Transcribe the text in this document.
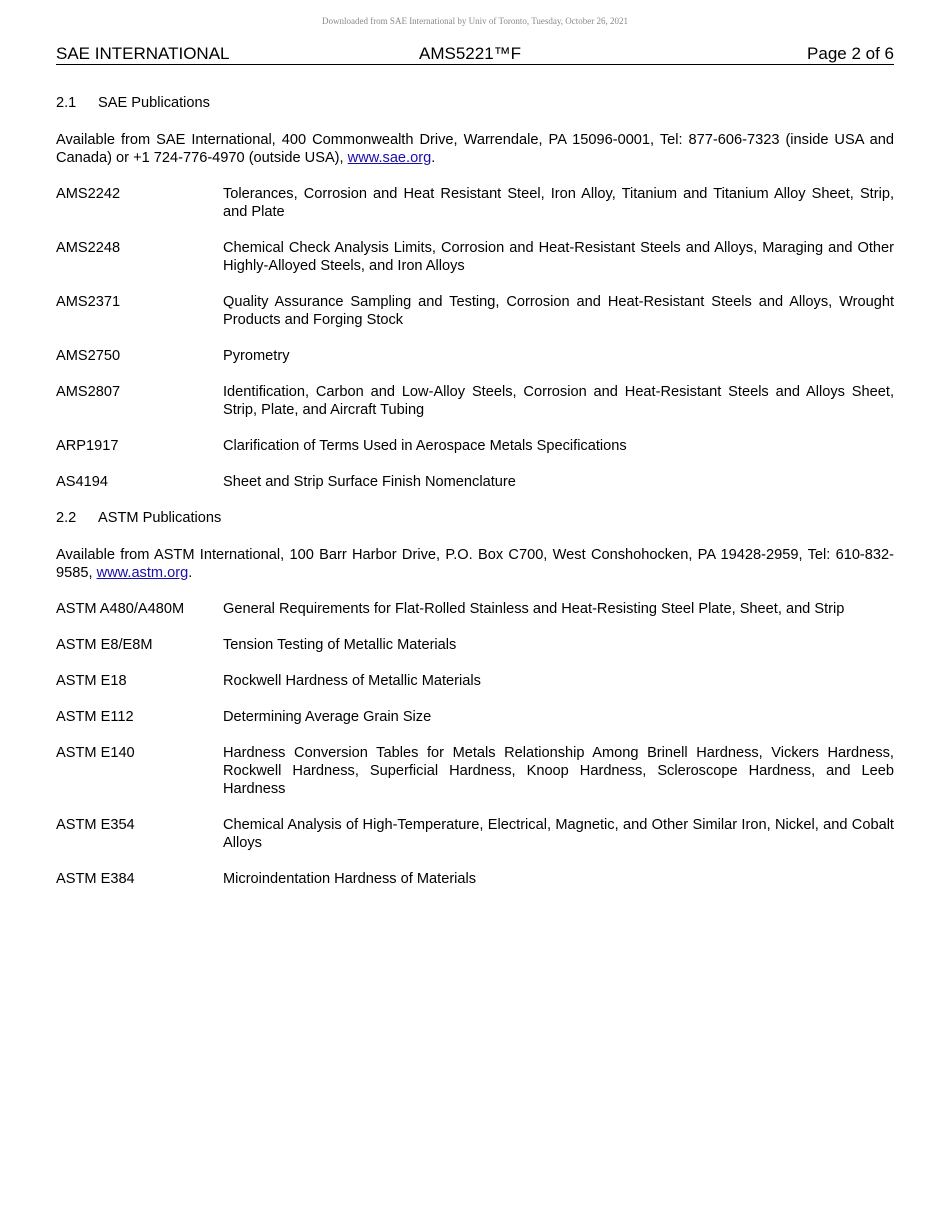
Downloaded from SAE International by Univ of Toronto, Tuesday, October 26, 2021
SAE INTERNATIONAL	AMS5221™F	Page 2 of 6
2.1 SAE Publications

Available from SAE International, 400 Commonwealth Drive, Warrendale, PA 15096-0001, Tel: 877-606-7323 (inside USA and Canada) or +1 724-776-4970 (outside USA), www.sae.org.

AMS2242	Tolerances, Corrosion and Heat Resistant Steel, Iron Alloy, Titanium and Titanium Alloy Sheet, Strip, and Plate
AMS2248	Chemical Check Analysis Limits, Corrosion and Heat-Resistant Steels and Alloys, Maraging and Other Highly-Alloyed Steels, and Iron Alloys
AMS2371	Quality Assurance Sampling and Testing, Corrosion and Heat-Resistant Steels and Alloys, Wrought Products and Forging Stock
AMS2750	Pyrometry
AMS2807	Identification, Carbon and Low-Alloy Steels, Corrosion and Heat-Resistant Steels and Alloys Sheet, Strip, Plate, and Aircraft Tubing
ARP1917	Clarification of Terms Used in Aerospace Metals Specifications
AS4194	Sheet and Strip Surface Finish Nomenclature
2.2 ASTM Publications

Available from ASTM International, 100 Barr Harbor Drive, P.O. Box C700, West Conshohocken, PA 19428-2959, Tel: 610-832-9585, www.astm.org.

ASTM A480/A480M	General Requirements for Flat-Rolled Stainless and Heat-Resisting Steel Plate, Sheet, and Strip
ASTM E8/E8M	Tension Testing of Metallic Materials
ASTM E18	Rockwell Hardness of Metallic Materials
ASTM E112	Determining Average Grain Size
ASTM E140	Hardness Conversion Tables for Metals Relationship Among Brinell Hardness, Vickers Hardness, Rockwell Hardness, Superficial Hardness, Knoop Hardness, Scleroscope Hardness, and Leeb Hardness
ASTM E354	Chemical Analysis of High-Temperature, Electrical, Magnetic, and Other Similar Iron, Nickel, and Cobalt Alloys
ASTM E384	Microindentation Hardness of Materials
